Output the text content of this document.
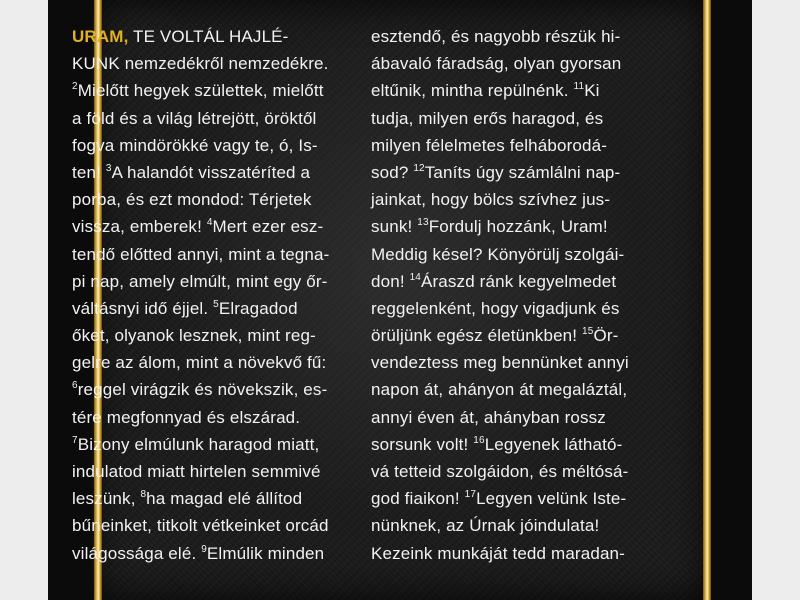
URAM, TE VOLTÁL HAJLÉ-
KUNK nemzedékről nemzedékre.
$^2$Mielőtt hegyek születtek, mielőtt
a föld és a világ létrejött, öröktől
fogva mindörökké vagy te, ó, Is-
ten! $^3$A halandót visszatéríted a
porba, és ezt mondod: Térjetek
vissza, emberek! $^4$Mert ezer esz-
tendő előtted annyi, mint a tegna-
pi nap, amely elmúlt, mint egy őr-
váltásnyi idő éjjel. $^5$Elragadod
őket, olyanok lesznek, mint reg-
gelre az álom, mint a növekvő fű:
$^6$reggel virágzik és növekszik, es-
tére megfonnyad és elszárad.
$^7$Bizony elmúlunk haragod miatt,
indulatod miatt hirtelen semmivé
leszünk, $^8$ha magad elé állítod
bűneinket, titkolt vétkeinket orcád
világossága elé. $^9$Elmúlik minden
esztendő, és nagyobb részük hi-
ábavaló fáradság, olyan gyorsan
eltűnik, mintha repülnénk. $^{11}$Ki
tudja, milyen erős haragod, és
milyen félelmetes felháborodá-
sod? $^{12}$Taníts úgy számlálni nap-
jainkat, hogy bölcs szívhez jus-
sunk! $^{13}$Fordulj hozzánk, Uram!
Meddig késel? Könyörülj szolgái-
don! $^{14}$Áraszd ránk kegyelmedet
reggelenként, hogy vigadjunk és
örüljünk egész életünkben! $^{15}$Ör-
vendeztess meg bennünket annyi
napon át, ahányon át megaláztál,
annyi éven át, ahányban rossz
sorsunk volt! $^{16}$Legyenek látható-
vá tetteid szolgáidon, és méltósá-
god fiaikon! $^{17}$Legyen velünk Iste-
nünknek, az Úrnak jóindulata!
Kezeink munkáját tedd maradan-
